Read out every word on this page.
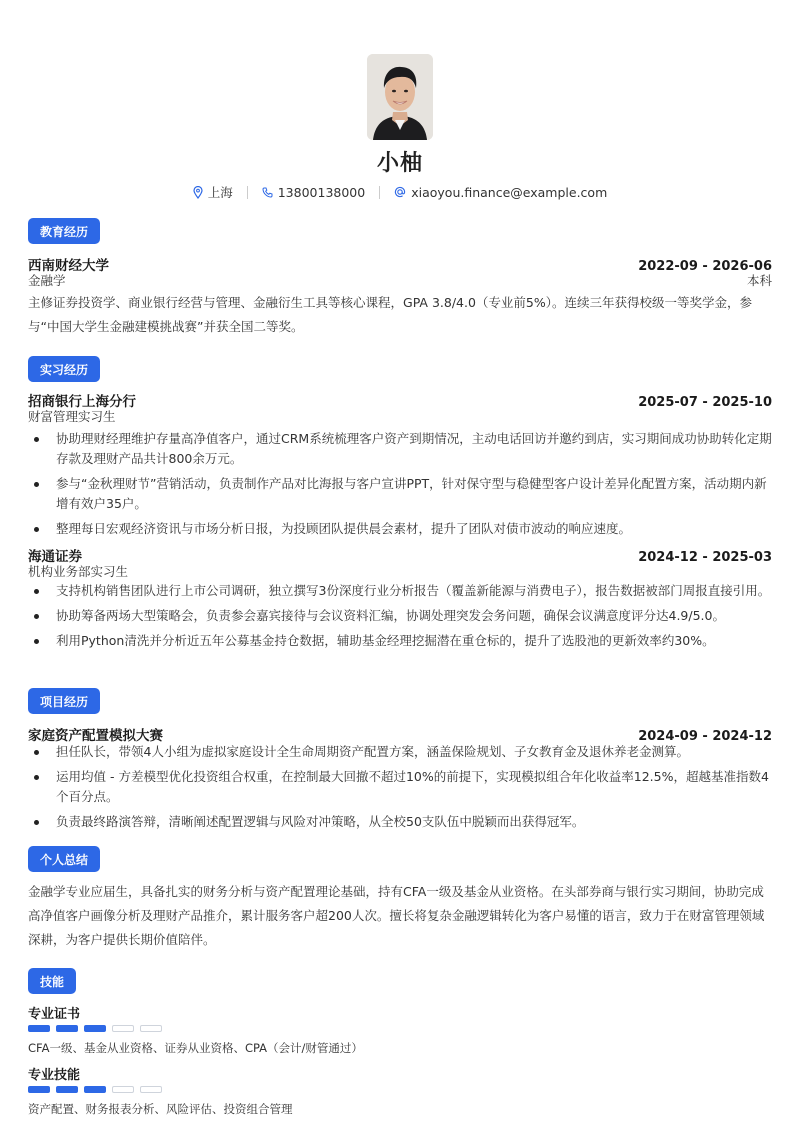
小柚
上海	13800138000	xiaoyou.finance@example.com
教育经历
西南财经大学	2022-09 - 2026-06
金融学	本科
主修证券投资学、商业银行经营与管理、金融衍生工具等核心课程，GPA 3.8/4.0（专业前5%）。连续三年获得校级一等奖学金，参与“中国大学生金融建模挑战赛”并获全国二等奖。
实习经历
招商银行上海分行	2025-07 - 2025-10
财富管理实习生
协助理财经理维护存量高净值客户，通过CRM系统梳理客户资产到期情况，主动电话回访并邀约到店，实习期间成功协助转化定期存款及理财产品共计800余万元。
参与“金秋理财节”营销活动，负责制作产品对比海报与客户宣讲PPT，针对保守型与稳健型客户设计差异化配置方案，活动期内新增有效户35户。
整理每日宏观经济资讯与市场分析日报，为投顾团队提供晨会素材，提升了团队对债市波动的响应速度。
海通证券	2024-12 - 2025-03
机构业务部实习生
支持机构销售团队进行上市公司调研，独立撰写3份深度行业分析报告（覆盖新能源与消费电子），报告数据被部门周报直接引用。
协助筹备两场大型策略会，负责参会嘉宾接待与会议资料汇编，协调处理突发会务问题，确保会议满意度评分达4.9/5.0。
利用Python清洗并分析近五年公募基金持仓数据，辅助基金经理挖掘潜在重仓标的，提升了选股池的更新效率约30%。
项目经历
家庭资产配置模拟大赛	2024-09 - 2024-12
担任队长，带领4人小组为虚拟家庭设计全生命周期资产配置方案，涵盖保险规划、子女教育金及退休养老金测算。
运用均值 - 方差模型优化投资组合权重，在控制最大回撤不超过10%的前提下，实现模拟组合年化收益率12.5%，超越基准指数4个百分点。
负责最终路演答辩，清晰阐述配置逻辑与风险对冲策略，从全校50支队伍中脱颖而出获得冠军。
个人总结
金融学专业应届生，具备扎实的财务分析与资产配置理论基础，持有CFA一级及基金从业资格。在头部券商与银行实习期间，协助完成高净值客户画像分析及理财产品推介，累计服务客户超200人次。擅长将复杂金融逻辑转化为客户易懂的语言，致力于在财富管理领域深耕，为客户提供长期价值陪伴。
技能
专业证书
CFA一级、基金从业资格、证券从业资格、CPA（会计/财管通过）
专业技能
资产配置、财务报表分析、风险评估、投资组合管理
